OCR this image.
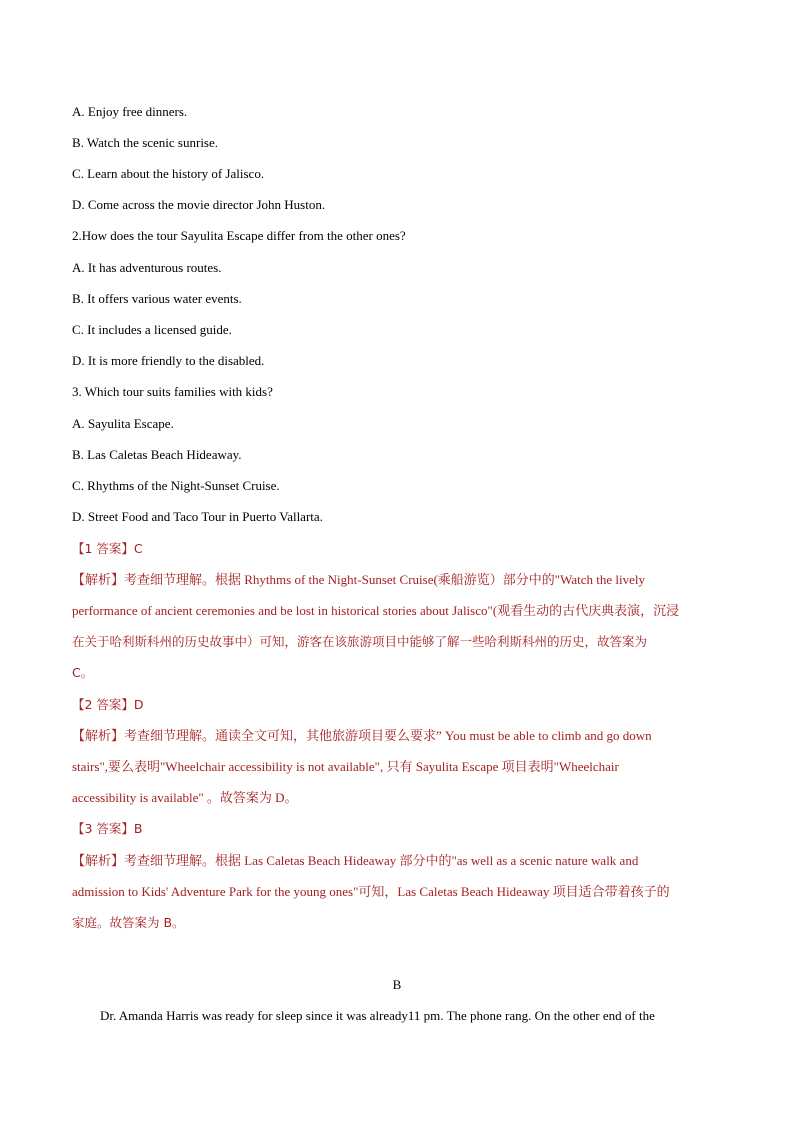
A. Enjoy free dinners.
B. Watch the scenic sunrise.
C. Learn about the history of Jalisco.
D. Come across the movie director John Huston.
2.How does the tour Sayulita Escape differ from the other ones?
A. It has adventurous routes.
B. It offers various water events.
C. It includes a licensed guide.
D. It is more friendly to the disabled.
3. Which tour suits families with kids?
A. Sayulita Escape.
B. Las Caletas Beach Hideaway.
C. Rhythms of the Night-Sunset Cruise.
D. Street Food and Taco Tour in Puerto Vallarta.
【1 答案】C
【解析】考查细节理解。根据 Rhythms of the Night-Sunset Cruise(乘船游览）部分中的"Watch the lively
performance of ancient ceremonies and be lost in historical stories about Jalisco"(观看生动的古代庆典表演，沉浸
在关于哈利斯科州的历史故事中）可知，游客在该旅游项目中能够了解一些哈利斯科州的历史，故答案为
C。
【2 答案】D
【解析】考查细节理解。通读全文可知，其他旅游项目要么要求” You must be able to climb and go down
stairs",要么表明"Wheelchair accessibility is not available", 只有 Sayulita Escape 项目表明"Wheelchair
accessibility is available" 。故答案为 D。
【3 答案】B
【解析】考查细节理解。根据 Las Caletas Beach Hideaway 部分中的"as well as a scenic nature walk and
admission to Kids' Adventure Park for the young ones"可知，Las Caletas Beach Hideaway 项目适合带着孩子的
家庭。故答案为 B。
B
Dr. Amanda Harris was ready for sleep since it was already11 pm. The phone rang. On the other end of the
